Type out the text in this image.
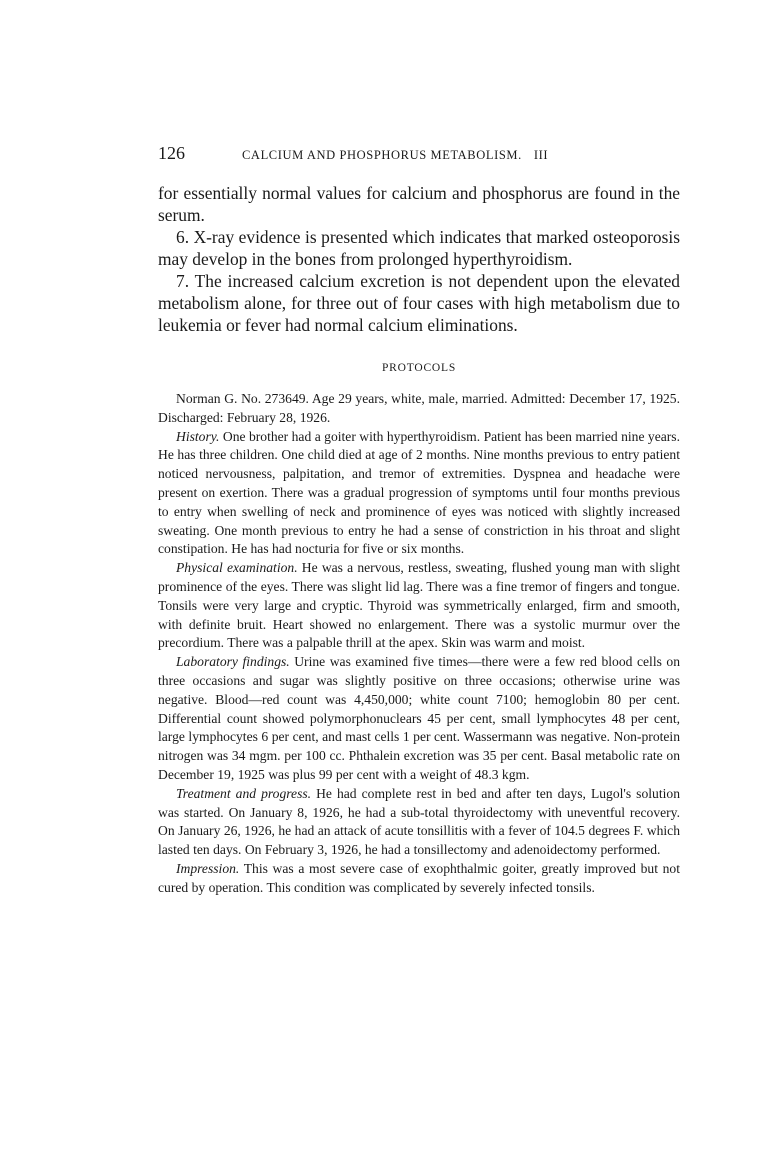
126	CALCIUM AND PHOSPHORUS METABOLISM. III

for essentially normal values for calcium and phosphorus are found in the serum.

6. X-ray evidence is presented which indicates that marked osteoporosis may develop in the bones from prolonged hyperthyroidism.

7. The increased calcium excretion is not dependent upon the elevated metabolism alone, for three out of four cases with high metabolism due to leukemia or fever had normal calcium eliminations.

PROTOCOLS

Norman G. No. 273649. Age 29 years, white, male, married. Admitted: December 17, 1925. Discharged: February 28, 1926.

History. One brother had a goiter with hyperthyroidism. Patient has been married nine years. He has three children. One child died at age of 2 months. Nine months previous to entry patient noticed nervousness, palpitation, and tremor of extremities. Dyspnea and headache were present on exertion. There was a gradual progression of symptoms until four months previous to entry when swelling of neck and prominence of eyes was noticed with slightly increased sweating. One month previous to entry he had a sense of constriction in his throat and slight constipation. He has had nocturia for five or six months.

Physical examination. He was a nervous, restless, sweating, flushed young man with slight prominence of the eyes. There was slight lid lag. There was a fine tremor of fingers and tongue. Tonsils were very large and cryptic. Thyroid was symmetrically enlarged, firm and smooth, with definite bruit. Heart showed no enlargement. There was a systolic murmur over the precordium. There was a palpable thrill at the apex. Skin was warm and moist.

Laboratory findings. Urine was examined five times—there were a few red blood cells on three occasions and sugar was slightly positive on three occasions; otherwise urine was negative. Blood—red count was 4,450,000; white count 7100; hemoglobin 80 per cent. Differential count showed polymorphonuclears 45 per cent, small lymphocytes 48 per cent, large lymphocytes 6 per cent, and mast cells 1 per cent. Wassermann was negative. Non-protein nitrogen was 34 mgm. per 100 cc. Phthalein excretion was 35 per cent. Basal metabolic rate on December 19, 1925 was plus 99 per cent with a weight of 48.3 kgm.

Treatment and progress. He had complete rest in bed and after ten days, Lugol's solution was started. On January 8, 1926, he had a sub-total thyroidectomy with uneventful recovery. On January 26, 1926, he had an attack of acute tonsillitis with a fever of 104.5 degrees F. which lasted ten days. On February 3, 1926, he had a tonsillectomy and adenoidectomy performed.

Impression. This was a most severe case of exophthalmic goiter, greatly improved but not cured by operation. This condition was complicated by severely infected tonsils.
